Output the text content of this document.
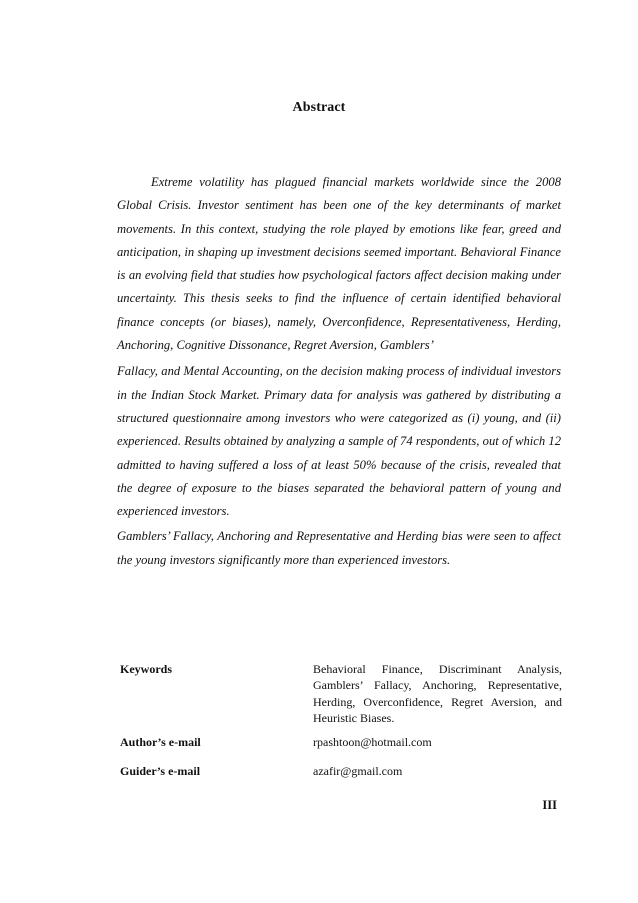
Abstract

Extreme volatility has plagued financial markets worldwide since the 2008 Global Crisis. Investor sentiment has been one of the key determinants of market movements. In this context, studying the role played by emotions like fear, greed and anticipation, in shaping up investment decisions seemed important. Behavioral Finance is an evolving field that studies how psychological factors affect decision making under uncertainty. This thesis seeks to find the influence of certain identified behavioral finance concepts (or biases), namely, Overconfidence, Representativeness, Herding, Anchoring, Cognitive Dissonance, Regret Aversion, Gamblers’

Fallacy, and Mental Accounting, on the decision making process of individual investors in the Indian Stock Market. Primary data for analysis was gathered by distributing a structured questionnaire among investors who were categorized as (i) young, and (ii) experienced. Results obtained by analyzing a sample of 74 respondents, out of which 12 admitted to having suffered a loss of at least 50% because of the crisis, revealed that the degree of exposure to the biases separated the behavioral pattern of young and experienced investors.

Gamblers’ Fallacy, Anchoring and Representative and Herding bias were seen to affect the young investors significantly more than experienced investors.

Keywords	Behavioral Finance, Discriminant Analysis, Gamblers’ Fallacy, Anchoring, Representative, Herding, Overconfidence, Regret Aversion, and Heuristic Biases.
Author’s e-mail	rpashtoon@hotmail.com
Guider’s e-mail	azafir@gmail.com
III
